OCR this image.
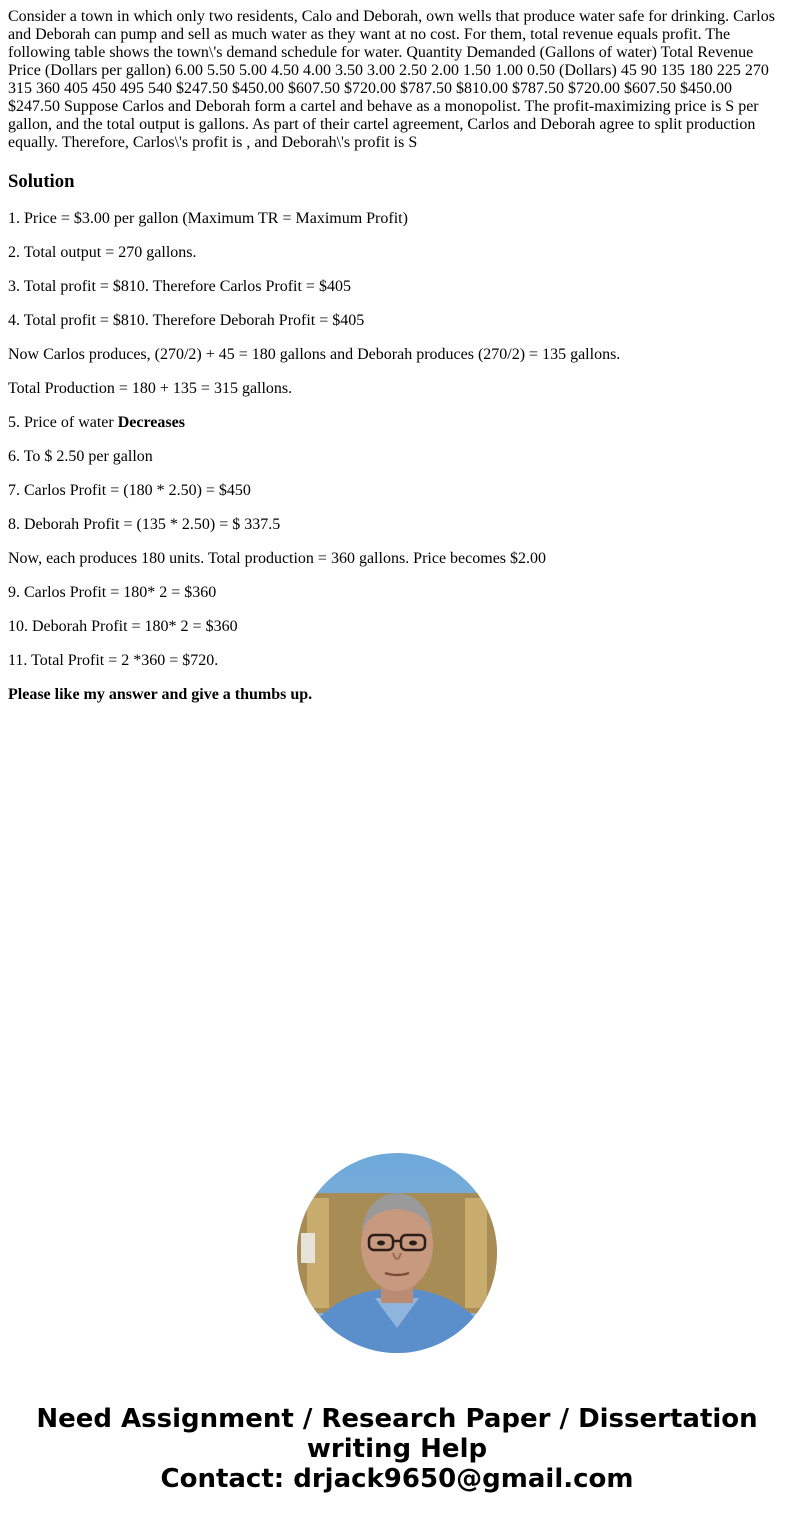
Consider a town in which only two residents, Calo and Deborah, own wells that produce water safe for drinking. Carlos and Deborah can pump and sell as much water as they want at no cost. For them, total revenue equals profit. The following table shows the town\'s demand schedule for water. Quantity Demanded (Gallons of water) Total Revenue Price (Dollars per gallon) 6.00 5.50 5.00 4.50 4.00 3.50 3.00 2.50 2.00 1.50 1.00 0.50 (Dollars) 45 90 135 180 225 270 315 360 405 450 495 540 $247.50 $450.00 $607.50 $720.00 $787.50 $810.00 $787.50 $720.00 $607.50 $450.00 $247.50 Suppose Carlos and Deborah form a cartel and behave as a monopolist. The profit-maximizing price is S per gallon, and the total output is gallons. As part of their cartel agreement, Carlos and Deborah agree to split production equally. Therefore, Carlos\'s profit is , and Deborah\'s profit is S

Solution

1. Price = $3.00 per gallon (Maximum TR = Maximum Profit)

2. Total output = 270 gallons.

3. Total profit = $810. Therefore Carlos Profit = $405

4. Total profit = $810. Therefore Deborah Profit = $405

Now Carlos produces, (270/2) + 45 = 180 gallons and Deborah produces (270/2) = 135 gallons.

Total Production = 180 + 135 = 315 gallons.

5. Price of water Decreases

6. To $ 2.50 per gallon

7. Carlos Profit = (180 * 2.50) = $450

8. Deborah Profit = (135 * 2.50) = $ 337.5

Now, each produces 180 units. Total production = 360 gallons. Price becomes $2.00

9. Carlos Profit = 180* 2 = $360

10. Deborah Profit = 180* 2 = $360

11. Total Profit = 2 *360 = $720.

Please like my answer and give a thumbs up.

Need Assignment / Research Paper / Dissertation
writing Help
Contact: drjack9650@gmail.com
